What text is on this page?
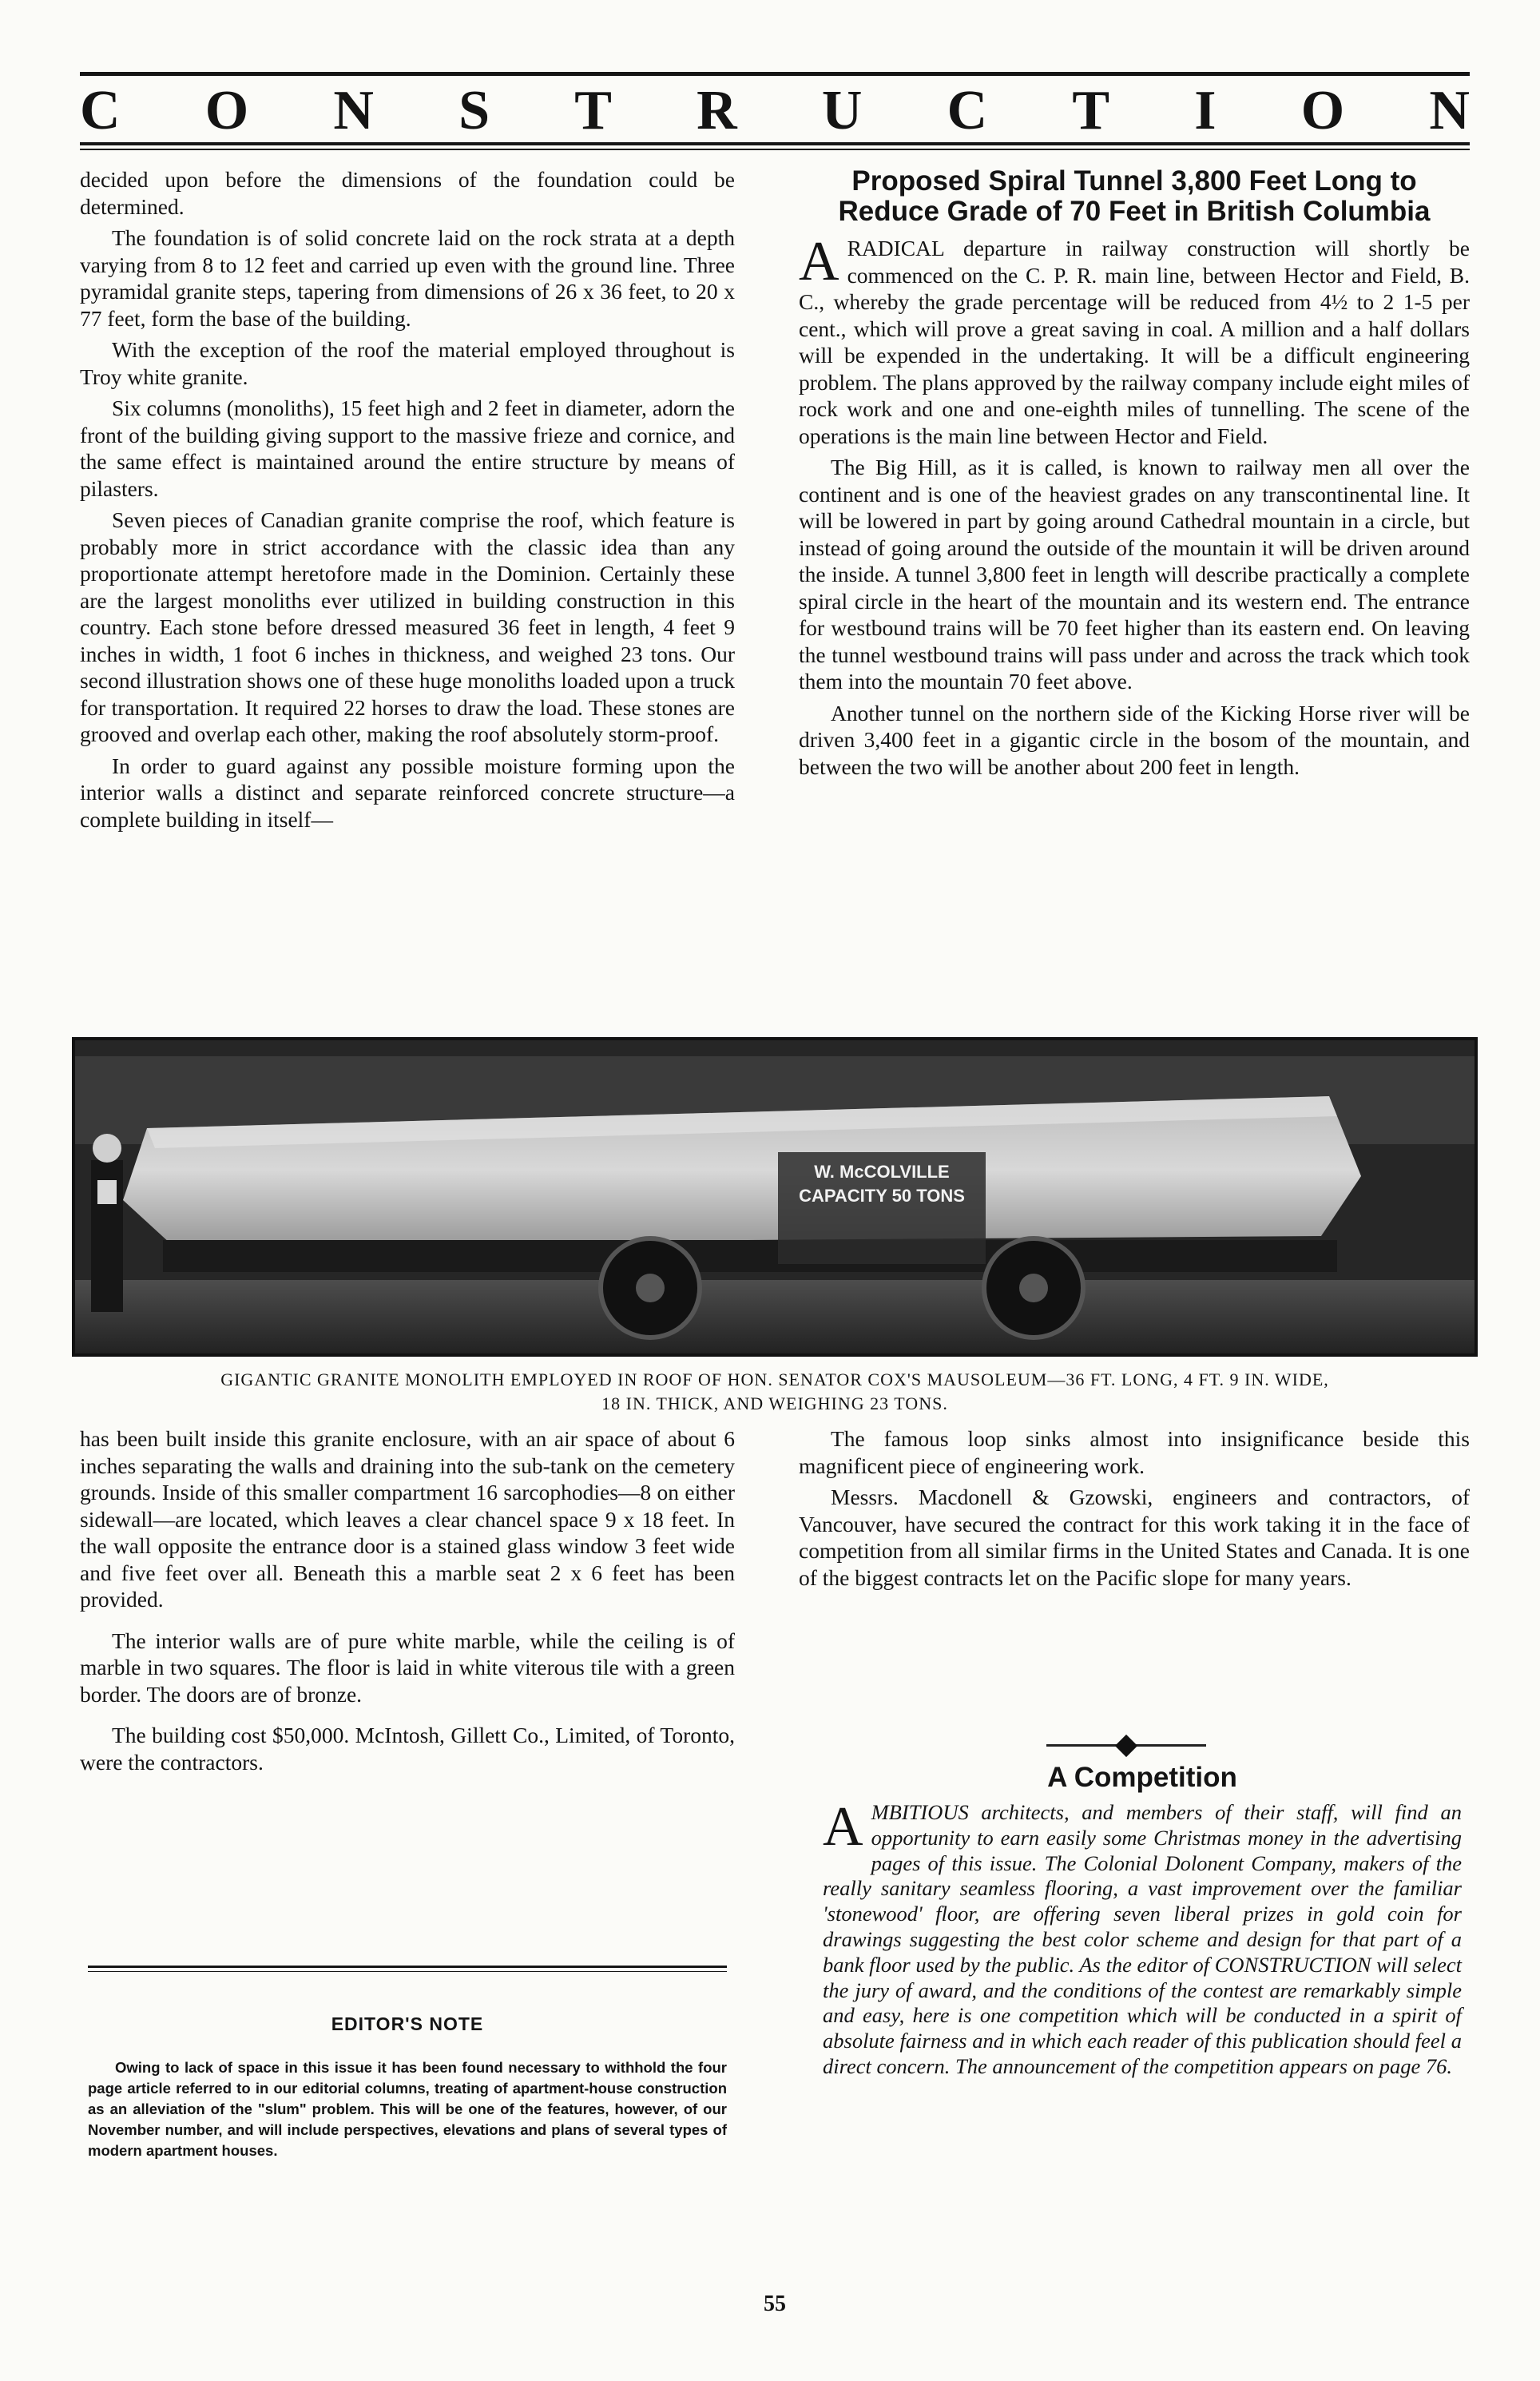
C O N S T R U C T I O N

decided upon before the dimensions of the foundation could be determined.

The foundation is of solid concrete laid on the rock strata at a depth varying from 8 to 12 feet and carried up even with the ground line. Three pyramidal granite steps, tapering from dimensions of 26 x 36 feet, to 20 x 77 feet, form the base of the building.

With the exception of the roof the material employed throughout is Troy white granite.

Six columns (monoliths), 15 feet high and 2 feet in diameter, adorn the front of the building giving support to the massive frieze and cornice, and the same effect is maintained around the entire structure by means of pilasters.

Seven pieces of Canadian granite comprise the roof, which feature is probably more in strict accordance with the classic idea than any proportionate attempt heretofore made in the Dominion. Certainly these are the largest monoliths ever utilized in building construction in this country. Each stone before dressed measured 36 feet in length, 4 feet 9 inches in width, 1 foot 6 inches in thickness, and weighed 23 tons. Our second illustration shows one of these huge monoliths loaded upon a truck for transportation. It required 22 horses to draw the load. These stones are grooved and overlap each other, making the roof absolutely storm-proof.

In order to guard against any possible moisture forming upon the interior walls a distinct and separate reinforced concrete structure—a complete building in itself—

Proposed Spiral Tunnel 3,800 Feet Long to Reduce Grade of 70 Feet in British Columbia

A RADICAL departure in railway construction will shortly be commenced on the C. P. R. main line, between Hector and Field, B. C., whereby the grade percentage will be reduced from 4½ to 2 1-5 per cent., which will prove a great saving in coal. A million and a half dollars will be expended in the undertaking. It will be a difficult engineering problem. The plans approved by the railway company include eight miles of rock work and one and one-eighth miles of tunnelling. The scene of the operations is the main line between Hector and Field.

The Big Hill, as it is called, is known to railway men all over the continent and is one of the heaviest grades on any transcontinental line. It will be lowered in part by going around Cathedral mountain in a circle, but instead of going around the outside of the mountain it will be driven around the inside. A tunnel 3,800 feet in length will describe practically a complete spiral circle in the heart of the mountain and its western end. The entrance for westbound trains will be 70 feet higher than its eastern end. On leaving the tunnel westbound trains will pass under and across the track which took them into the mountain 70 feet above.

Another tunnel on the northern side of the Kicking Horse river will be driven 3,400 feet in a gigantic circle in the bosom of the mountain, and between the two will be another about 200 feet in length.

W. McCOLVILLE
CAPACITY 50 TONS
GIGANTIC GRANITE MONOLITH EMPLOYED IN ROOF OF HON. SENATOR COX'S MAUSOLEUM—36 FT. LONG, 4 FT. 9 IN. WIDE,
18 IN. THICK, AND WEIGHING 23 TONS.

has been built inside this granite enclosure, with an air space of about 6 inches separating the walls and draining into the sub-tank on the cemetery grounds. Inside of this smaller compartment 16 sarcophodies—8 on either sidewall—are located, which leaves a clear chancel space 9 x 18 feet. In the wall opposite the entrance door is a stained glass window 3 feet wide and five feet over all. Beneath this a marble seat 2 x 6 feet has been provided.

The interior walls are of pure white marble, while the ceiling is of marble in two squares. The floor is laid in white viterous tile with a green border. The doors are of bronze.

The building cost $50,000. McIntosh, Gillett Co., Limited, of Toronto, were the contractors.

EDITOR'S NOTE

Owing to lack of space in this issue it has been found necessary to withhold the four page article referred to in our editorial columns, treating of apartment-house construction as an alleviation of the "slum" problem. This will be one of the features, however, of our November number, and will include perspectives, elevations and plans of several types of modern apartment houses.

The famous loop sinks almost into insignificance beside this magnificent piece of engineering work.

Messrs. Macdonell & Gzowski, engineers and contractors, of Vancouver, have secured the contract for this work taking it in the face of competition from all similar firms in the United States and Canada. It is one of the biggest contracts let on the Pacific slope for many years.

A Competition

A MBITIOUS architects, and members of their staff, will find an opportunity to earn easily some Christmas money in the advertising pages of this issue. The Colonial Dolonent Company, makers of the really sanitary seamless flooring, a vast improvement over the familiar 'stonewood' floor, are offering seven liberal prizes in gold coin for drawings suggesting the best color scheme and design for that part of a bank floor used by the public. As the editor of CONSTRUCTION will select the jury of award, and the conditions of the contest are remarkably simple and easy, here is one competition which will be conducted in a spirit of absolute fairness and in which each reader of this publication should feel a direct concern. The announcement of the competition appears on page 76.

55
